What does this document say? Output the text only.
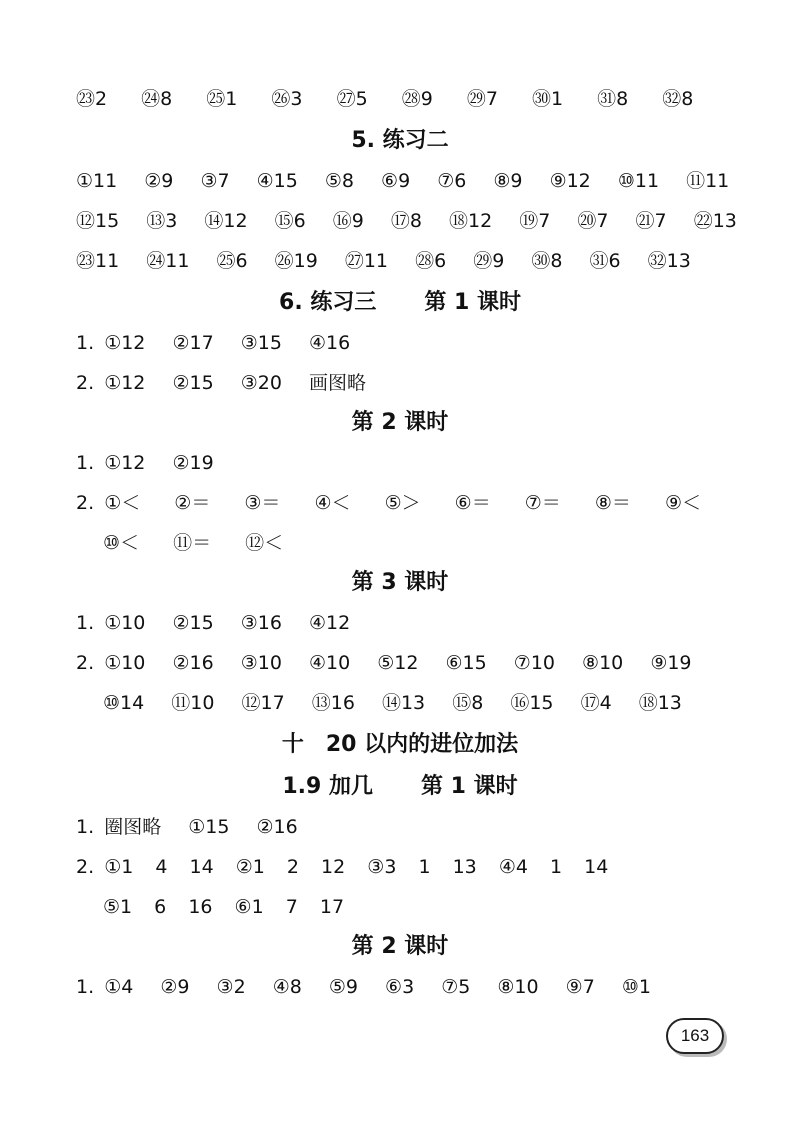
㉓2 ㉔8 ㉕1 ㉖3 ㉗5 ㉘9 ㉙7 ㉚1 ㉛8 ㉜8
5. 练习二
①11 ②9 ③7 ④15 ⑤8 ⑥9 ⑦6 ⑧9 ⑨12 ⑩11 ⑪11
⑫15 ⑬3 ⑭12 ⑮6 ⑯9 ⑰8 ⑱12 ⑲7 ⑳7 ㉑7 ㉒13
㉓11 ㉔11 ㉕6 ㉖19 ㉗11 ㉘6 ㉙9 ㉚8 ㉛6 ㉜13
6. 练习三 第 1 课时
1. ①12 ②17 ③15 ④16
2. ①12 ②15 ③20 画图略
第 2 课时
1. ①12 ②19
2. ①＜ ②＝ ③＝ ④＜ ⑤＞ ⑥＝ ⑦＝ ⑧＝ ⑨＜
⑩＜ ⑪＝ ⑫＜
第 3 课时
1. ①10 ②15 ③16 ④12
2. ①10 ②16 ③10 ④10 ⑤12 ⑥15 ⑦10 ⑧10 ⑨19
⑩14 ⑪10 ⑫17 ⑬16 ⑭13 ⑮8 ⑯15 ⑰4 ⑱13
十　20 以内的进位加法
1.9 加几 第 1 课时
1. 圈图略 ①15 ②16
2. ①1 4 14 ②1 2 12 ③3 1 13 ④4 1 14
⑤1 6 16 ⑥1 7 17
第 2 课时
1. ①4 ②9 ③2 ④8 ⑤9 ⑥3 ⑦5 ⑧10 ⑨7 ⑩1
163
